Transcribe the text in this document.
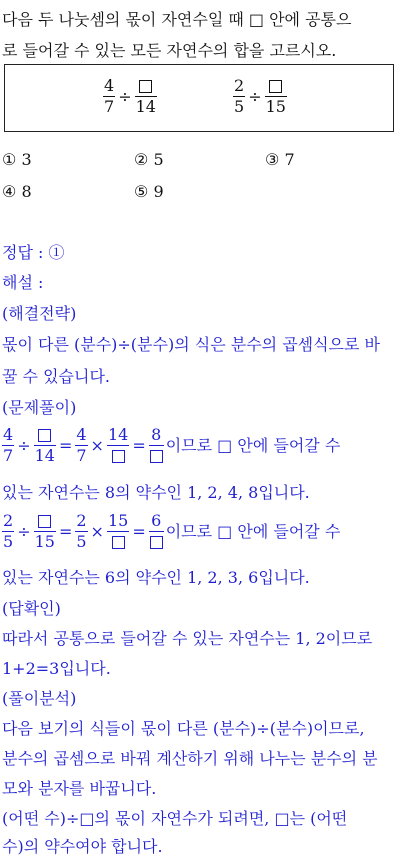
다음 두 나눗셈의 몫이 자연수일 때 □ 안에 공통으
로 들어갈 수 있는 모든 자연수의 합을 고르시오.
$\frac{4}{7}$ ÷
14	$\frac{2}{5}$ ÷
15
① 3	② 5	③ 7
④ 8	⑤ 9
정답 : ①
해설 :
(해결전략)
몫이 다른 (분수)÷(분수)의 식은 분수의 곱셈식으로 바
꿀 수 있습니다.
(문제풀이)
$\frac{4}{7}$ ÷
14
= $\frac{4}{7}$ ×
14
=
8
이므로 □ 안에 들어갈 수
있는 자연수는 8의 약수인 1, 2, 4, 8입니다.
$\frac{2}{5}$ ÷
15
= $\frac{2}{5}$ ×
15
=
6
이므로 □ 안에 들어갈 수
있는 자연수는 6의 약수인 1, 2, 3, 6입니다.
(답확인)
따라서 공통으로 들어갈 수 있는 자연수는 1, 2이므로
1+2=3입니다.
(풀이분석)
다음 보기의 식들이 몫이 다른 (분수)÷(분수)이므로,
분수의 곱셈으로 바꿔 계산하기 위해 나누는 분수의 분
모와 분자를 바꿉니다.
(어떤 수)÷□의 몫이 자연수가 되려면, □는 (어떤
수)의 약수여야 합니다.
